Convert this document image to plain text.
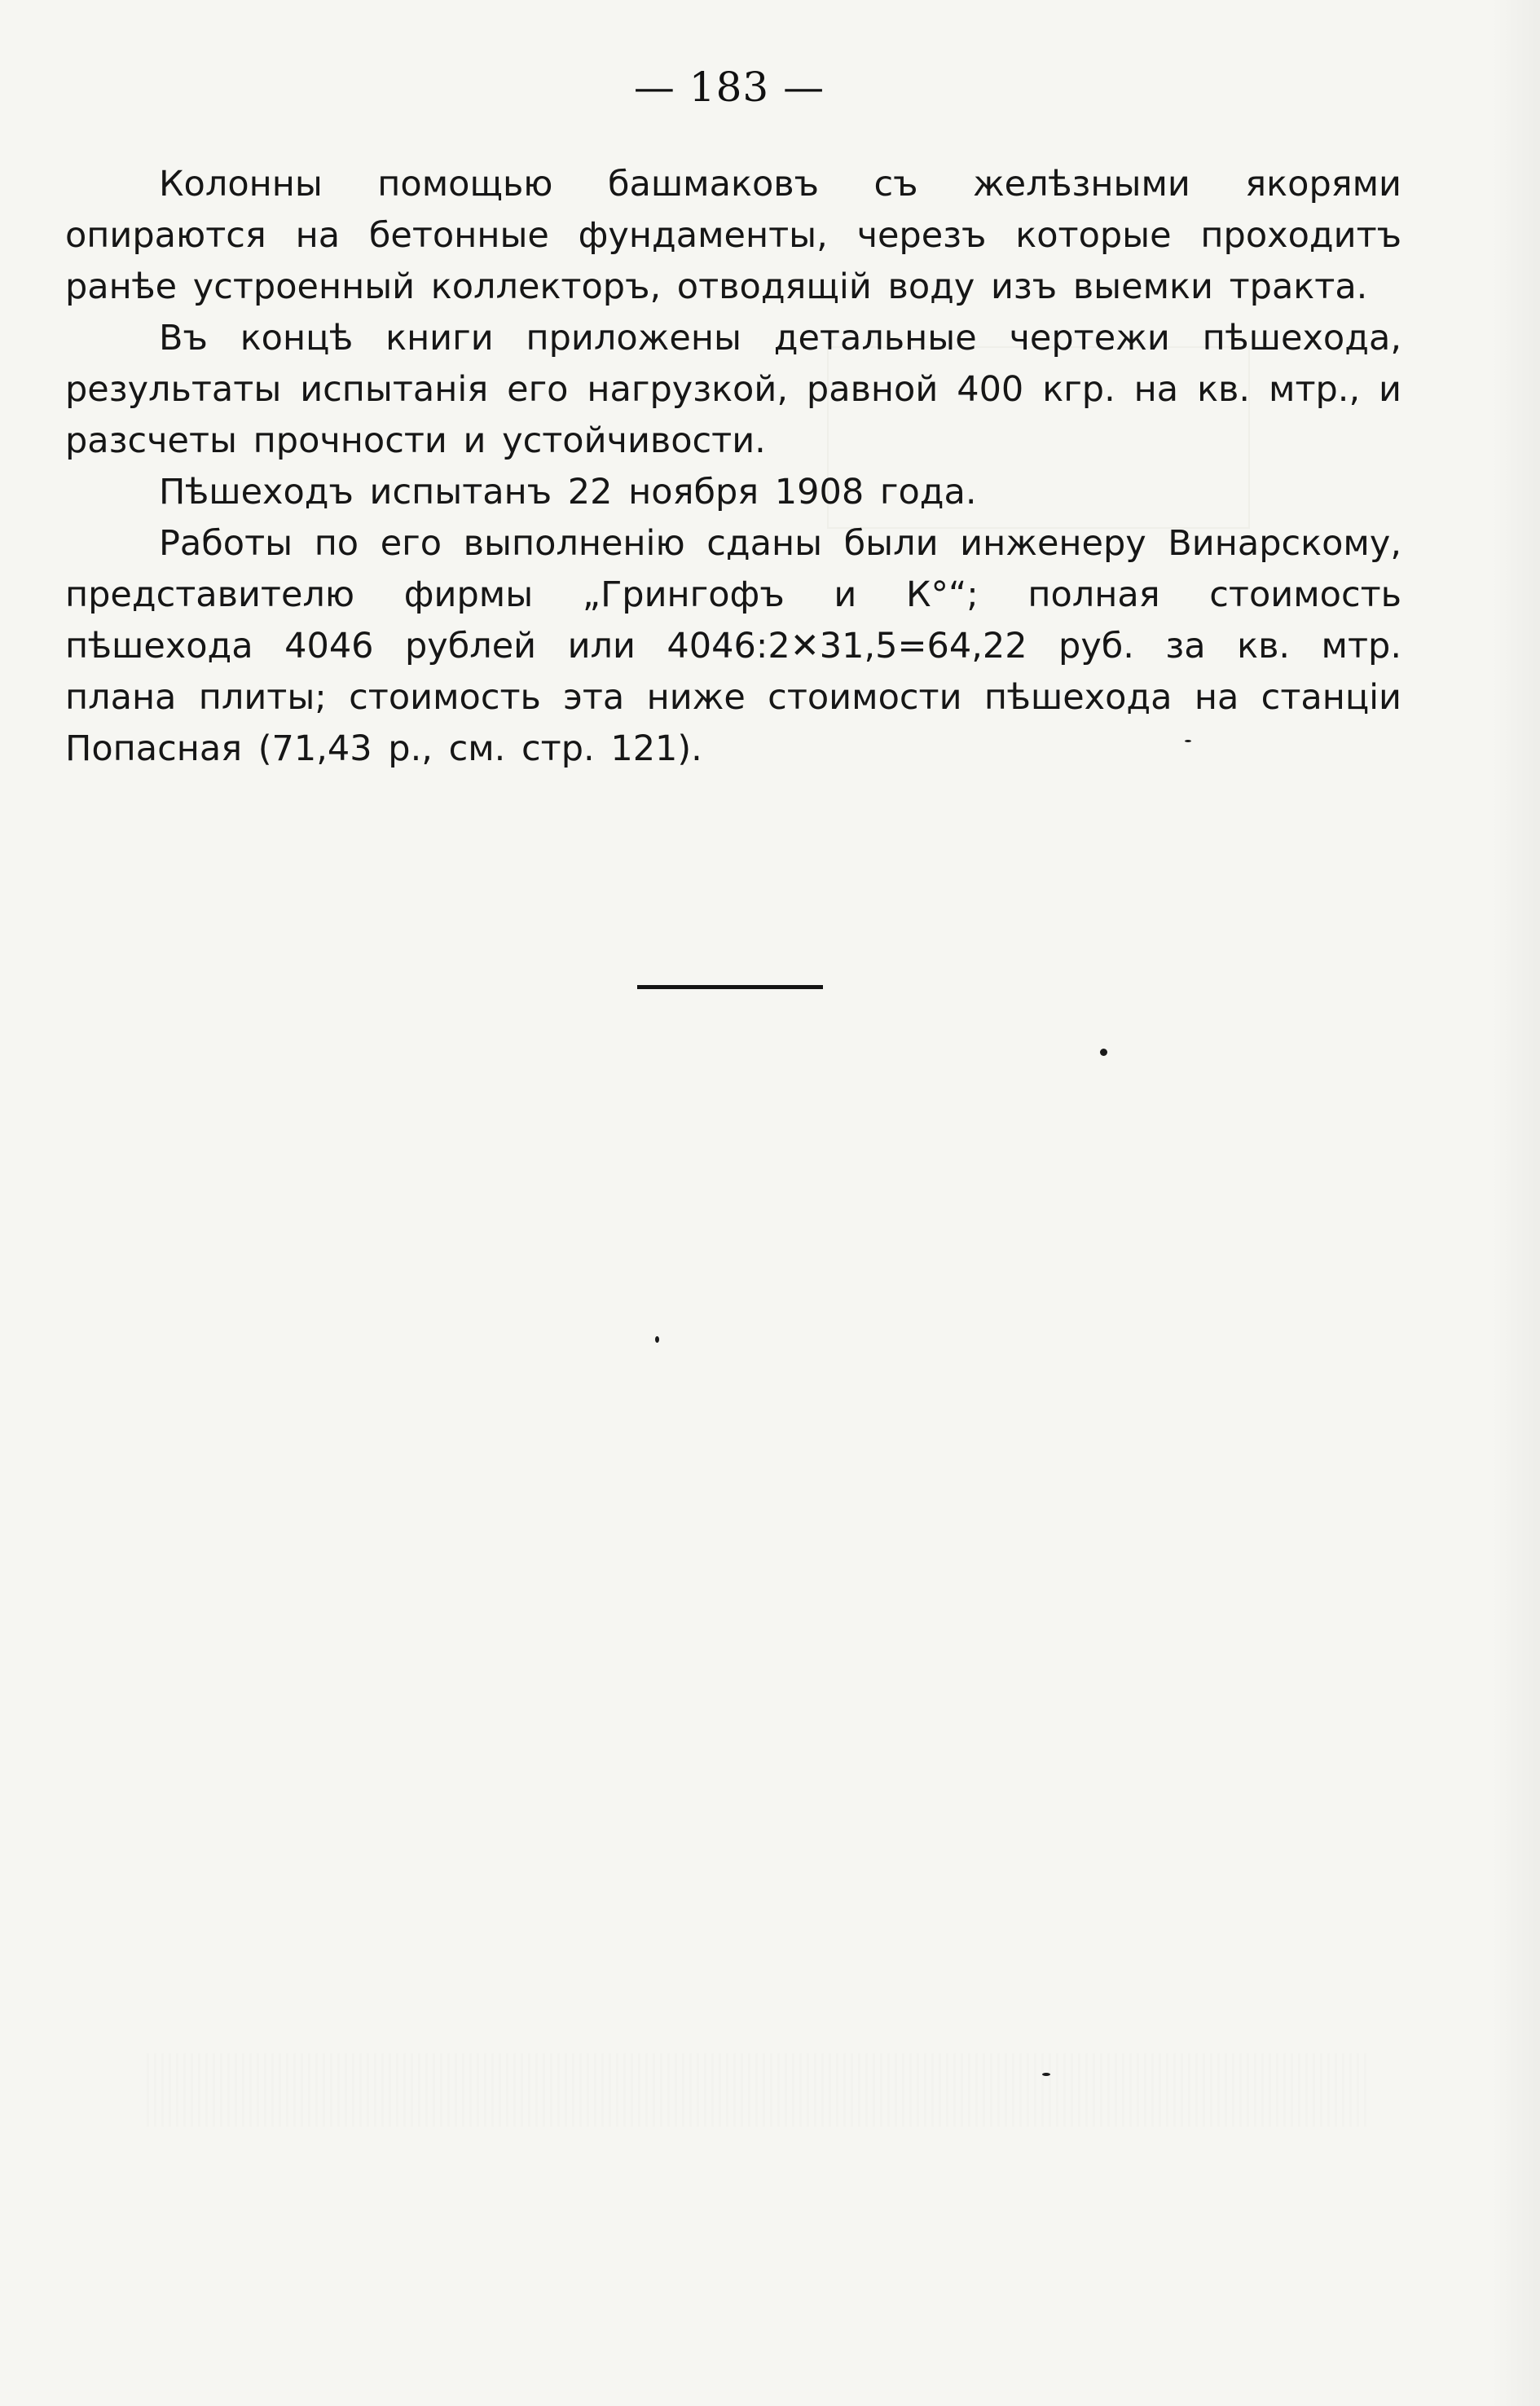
— 183 —

Колонны помощью башмаковъ съ желѣзными якорями опираются на бетонные фундаменты, черезъ которые проходитъ ранѣе устроенный коллекторъ, отводящій воду изъ выемки тракта.

Въ концѣ книги приложены детальные чертежи пѣшехода, результаты испытанія его нагрузкой, равной 400 кгр. на кв. мтр., и разсчеты прочности и устойчивости.

Пѣшеходъ испытанъ 22 ноября 1908 года.

Работы по его выполненію сданы были инженеру Винарскому, представителю фирмы „Грингофъ и К°“; полная стоимость пѣшехода 4046 рублей или 4046:2✕31,5=64,22 руб. за кв. мтр. плана плиты; стоимость эта ниже стоимости пѣшехода на станціи Попасная (71,43 р., см. стр. 121).
